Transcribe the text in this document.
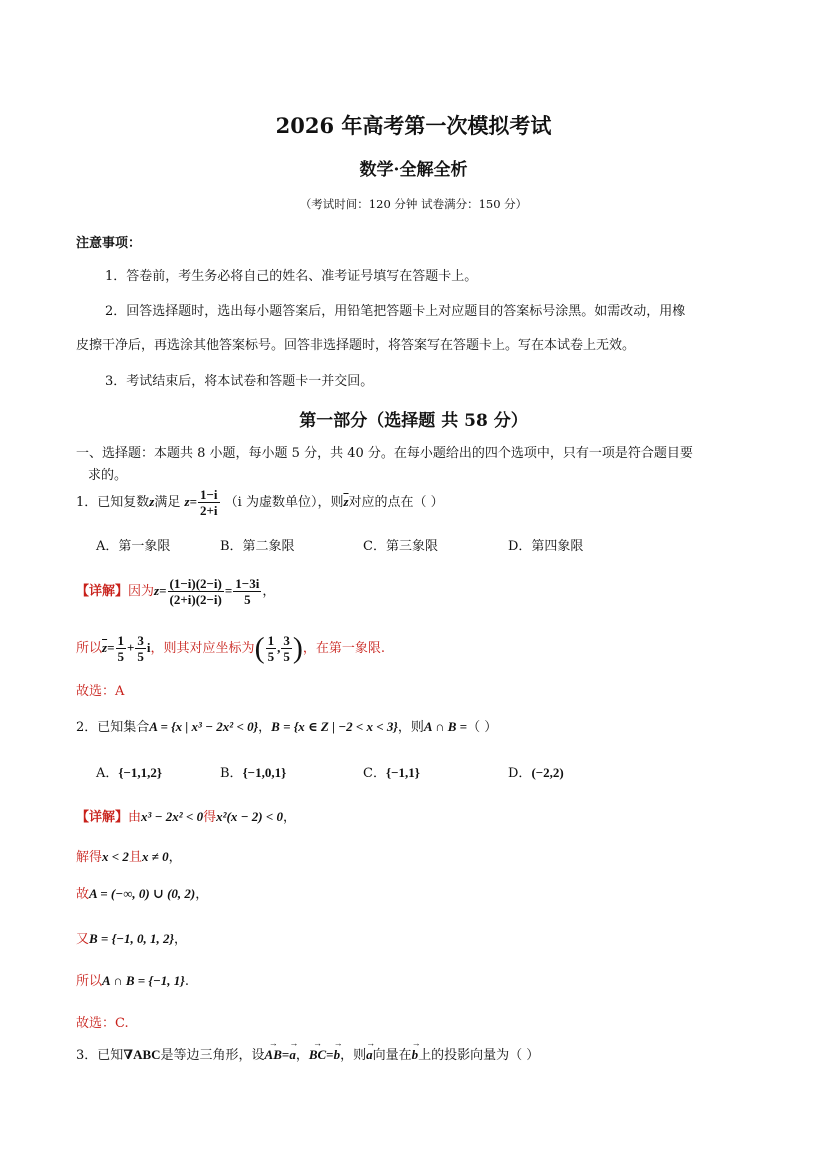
2026 年高考第一次模拟考试
数学·全解全析
（考试时间：120 分钟 试卷满分：150 分）
注意事项：
1．答卷前，考生务必将自己的姓名、准考证号填写在答题卡上。
2．回答选择题时，选出每小题答案后，用铅笔把答题卡上对应题目的答案标号涂黑。如需改动，用橡
皮擦干净后，再选涂其他答案标号。回答非选择题时，将答案写在答题卡上。写在本试卷上无效。
3．考试结束后，将本试卷和答题卡一并交回。
第一部分（选择题 共 58 分）
一、选择题：本题共 8 小题，每小题 5 分，共 40 分。在每小题给出的四个选项中，只有一项是符合题目要
求的。
1．已知复数z满足 $z= \frac{1-i}{2+i} (i$ 为虚数单位），则$\overline{z}$对应的点在（ ）
A．第一象限	B．第二象限	C．第三象限	D．第四象限
【详解】因为$z= \frac{(1-i)(2-i)}{(2+i)(2-i)} = \frac{1-3i}{5}$ ，
所以$\overline{z}= \frac{1}{5} + \frac{3}{5}$ i，则其对应坐标为( $\frac{1}{5}$ , $\frac{3}{5}$ )，在第一象限.
故选：A
2．已知集合A = {x | x³ − 2x² < 0}，B = {x ∈ Z | −2 < x < 3}，则A ∩ B =（ ）
A．{−1,1,2}	B．{−1,0,1}	C．{−1,1}	D．(−2,2)
【详解】由x³ − 2x² < 0得x²(x − 2) < 0，
解得x < 2且x ≠ 0，
故A = (−∞, 0) ∪ (0, 2)，
又B = {−1, 0, 1, 2}，
所以A ∩ B = {−1, 1}.
故选：C.
3．已知∇ABC是等边三角形，设→ AB=→ a，→ BC=→ b，则→ a向量在→ b上的投影向量为（ ）
